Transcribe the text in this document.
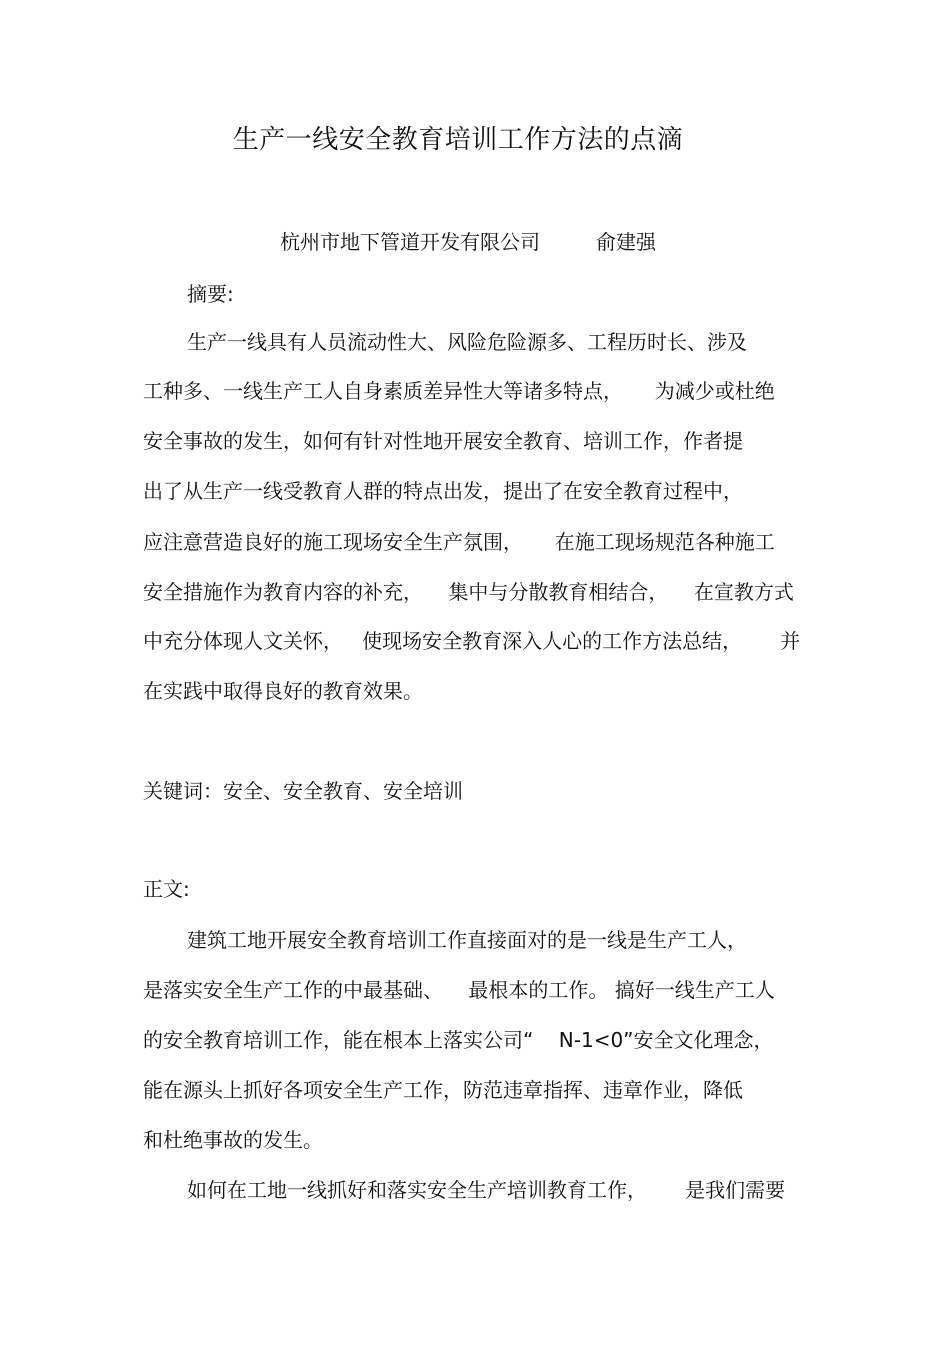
生产一线安全教育培训工作方法的点滴
杭州市地下管道开发有限公司	俞建强
摘要:
生产一线具有人员流动性大、风险危险源多、工程历时长、涉及
工种多、一线生产工人自身素质差异性大等诸多特点，     为减少或杜绝
安全事故的发生，如何有针对性地开展安全教育、培训工作，作者提
出了从生产一线受教育人群的特点出发，提出了在安全教育过程中，
应注意营造良好的施工现场安全生产氛围，     在施工现场规范各种施工
安全措施作为教育内容的补充，    集中与分散教育相结合，    在宣教方式
中充分体现人文关怀，   使现场安全教育深入人心的工作方法总结，      并
在实践中取得良好的教育效果。
关键词：安全、安全教育、安全培训
正文:
建筑工地开展安全教育培训工作直接面对的是一线是生产工人，
是落实安全生产工作的中最基础、    最根本的工作。 搞好一线生产工人
的安全教育培训工作，能在根本上落实公司“    N-1<0”安全文化理念，
能在源头上抓好各项安全生产工作，防范违章指挥、违章作业，降低
和杜绝事故的发生。
如何在工地一线抓好和落实安全生产培训教育工作，      是我们需要
